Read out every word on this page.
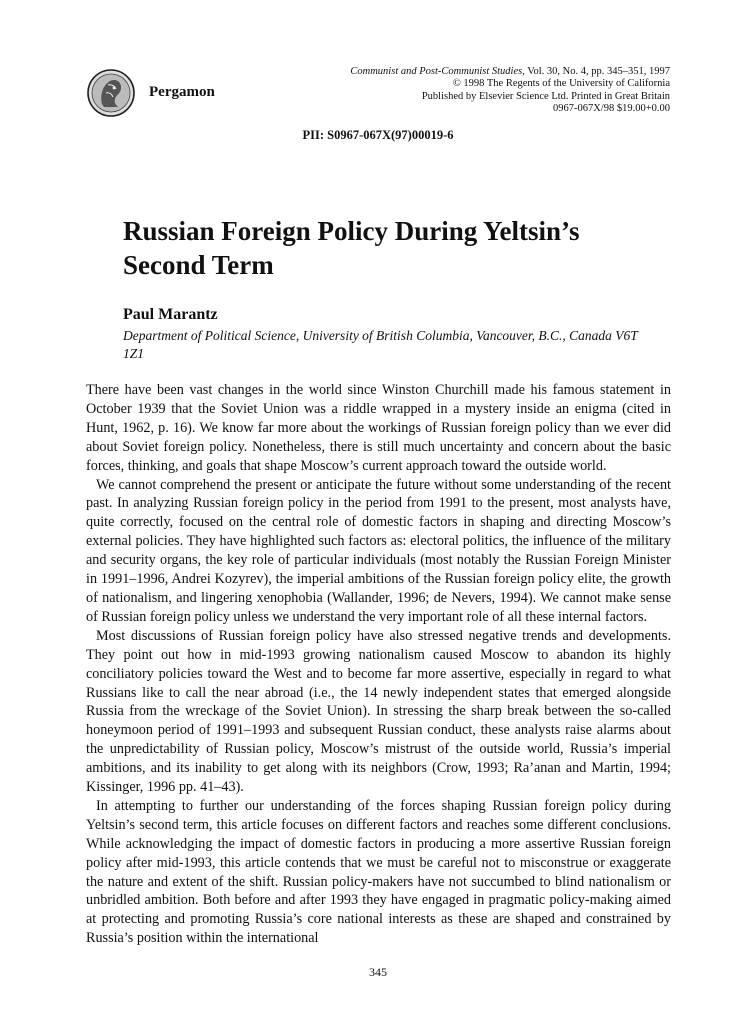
Pergamon
Communist and Post-Communist Studies, Vol. 30, No. 4, pp. 345–351, 1997
© 1998 The Regents of the University of California
Published by Elsevier Science Ltd. Printed in Great Britain
0967-067X/98 $19.00+0.00
PII: S0967-067X(97)00019-6
Russian Foreign Policy During Yeltsin’s Second Term
Paul Marantz
Department of Political Science, University of British Columbia, Vancouver, B.C., Canada V6T 1Z1

There have been vast changes in the world since Winston Churchill made his famous statement in October 1939 that the Soviet Union was a riddle wrapped in a mystery inside an enigma (cited in Hunt, 1962, p. 16). We know far more about the workings of Russian foreign policy than we ever did about Soviet foreign policy. Nonetheless, there is still much uncertainty and concern about the basic forces, thinking, and goals that shape Moscow’s current approach toward the outside world.

We cannot comprehend the present or anticipate the future without some understanding of the recent past. In analyzing Russian foreign policy in the period from 1991 to the present, most analysts have, quite correctly, focused on the central role of domestic factors in shaping and directing Moscow’s external policies. They have highlighted such factors as: electoral politics, the influence of the military and security organs, the key role of particular individuals (most notably the Russian Foreign Minister in 1991–1996, Andrei Kozyrev), the imperial ambitions of the Russian foreign policy elite, the growth of nationalism, and lingering xenophobia (Wallander, 1996; de Nevers, 1994). We cannot make sense of Russian foreign policy unless we understand the very important role of all these internal factors.

Most discussions of Russian foreign policy have also stressed negative trends and developments. They point out how in mid-1993 growing nationalism caused Moscow to abandon its highly conciliatory policies toward the West and to become far more assertive, especially in regard to what Russians like to call the near abroad (i.e., the 14 newly independent states that emerged alongside Russia from the wreckage of the Soviet Union). In stressing the sharp break between the so-called honeymoon period of 1991–1993 and subsequent Russian conduct, these analysts raise alarms about the unpredictability of Russian policy, Moscow’s mistrust of the outside world, Russia’s imperial ambitions, and its inability to get along with its neighbors (Crow, 1993; Ra’anan and Martin, 1994; Kissinger, 1996 pp. 41–43).

In attempting to further our understanding of the forces shaping Russian foreign policy during Yeltsin’s second term, this article focuses on different factors and reaches some different conclusions. While acknowledging the impact of domestic factors in producing a more assertive Russian foreign policy after mid-1993, this article contends that we must be careful not to misconstrue or exaggerate the nature and extent of the shift. Russian policy-makers have not succumbed to blind nationalism or unbridled ambition. Both before and after 1993 they have engaged in pragmatic policy-making aimed at protecting and promoting Russia’s core national interests as these are shaped and constrained by Russia’s position within the international

345
